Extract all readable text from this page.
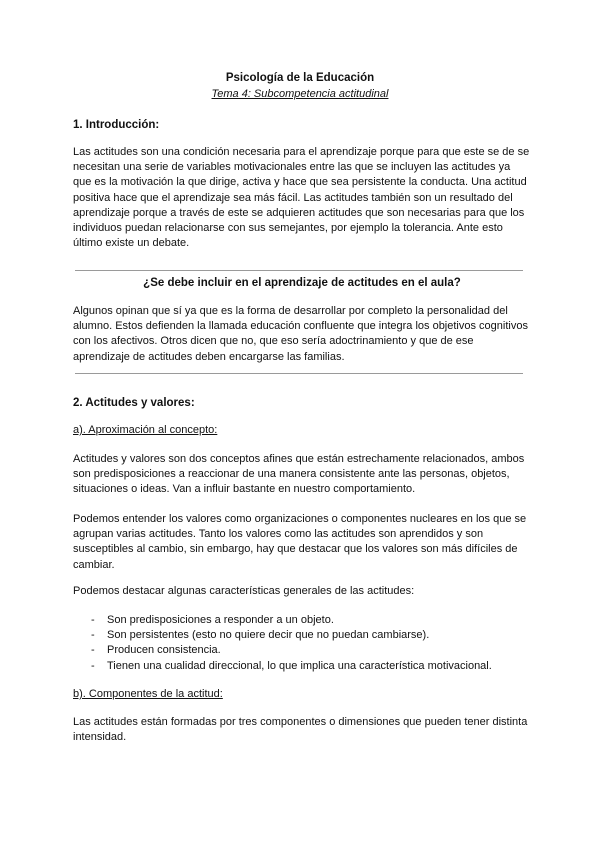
Psicología de la Educación
Tema 4: Subcompetencia actitudinal
1. Introducción:
Las actitudes son una condición necesaria para el aprendizaje porque para que este se de se necesitan una serie de variables motivacionales entre las que se incluyen las actitudes ya que es la motivación la que dirige, activa y hace que sea persistente la conducta. Una actitud positiva hace que el aprendizaje sea más fácil. Las actitudes también son un resultado del aprendizaje porque a través de este se adquieren actitudes que son necesarias para que los individuos puedan relacionarse con sus semejantes, por ejemplo la tolerancia. Ante esto último existe un debate.
¿Se debe incluir en el aprendizaje de actitudes en el aula?
Algunos opinan que sí ya que es la forma de desarrollar por completo la personalidad del alumno. Estos defienden la llamada educación confluente que integra los objetivos cognitivos con los afectivos. Otros dicen que no, que eso sería adoctrinamiento y que de ese aprendizaje de actitudes deben encargarse las familias.
2. Actitudes y valores:
a). Aproximación al concepto:
Actitudes y valores son dos conceptos afines que están estrechamente relacionados, ambos son predisposiciones a reaccionar de una manera consistente ante las personas, objetos, situaciones o ideas. Van a influir bastante en nuestro comportamiento.
Podemos entender los valores como organizaciones o componentes nucleares en los que se agrupan varias actitudes. Tanto los valores como las actitudes son aprendidos y son susceptibles al cambio, sin embargo, hay que destacar que los valores son más difíciles de cambiar.
Podemos destacar algunas características generales de las actitudes:
- Son predisposiciones a responder a un objeto.
- Son persistentes (esto no quiere decir que no puedan cambiarse).
- Producen consistencia.
- Tienen una cualidad direccional, lo que implica una característica motivacional.
b). Componentes de la actitud:
Las actitudes están formadas por tres componentes o dimensiones que pueden tener distinta intensidad.
